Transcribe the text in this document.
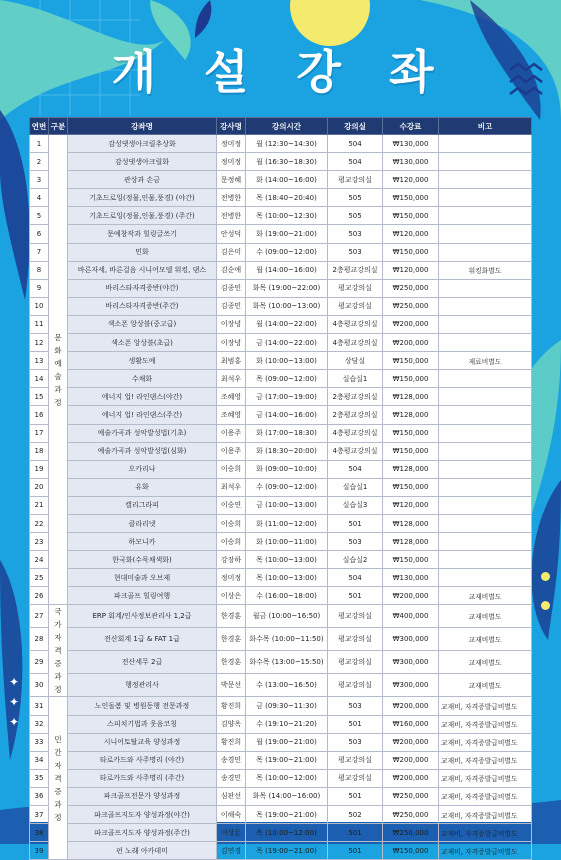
✦
✦
✦
개 설 강 좌
연번	구분	강좌명	강사명	강의시간	강의실	수강료	비고
1	문화예술과정	감성댓생아크릴추상화	정미정	월 (12:30~14:30)	504	₩130,000	
2		감성댓생아크릴화	정미정	월 (16:30~18:30)	504	₩130,000	
3		관상과 손금	문정혜	화 (14:00~16:00)	평교강의실	₩120,000	
4		기초드로잉(정물,인물,풍경) (야간)	전병한	목 (18:40~20:40)	505	₩150,000	
5		기초드로잉(정물,인물,풍경) (주간)	전병한	목 (10:00~12:30)	505	₩150,000	
6		문예창작과 힐링글쓰기	안성덕	화 (19:00~21:00)	503	₩120,000	
7		민화	김은미	수 (09:00~12:00)	503	₩150,000	
8		바른자세, 바른걸음 시니어모델 워킹, 댄스	김순애	월 (14:00~16:00)	2층평교강의실	₩120,000	워킹화별도
9		바리스타자격증반(야간)	김종민	화목 (19:00~22:00)	평교강의실	₩250,000	
10		바리스타자격증반(주간)	김종민	화목 (10:00~13:00)	평교강의실	₩250,000	
11		색소폰 앙상블(중고급)	이장녕	월 (14:00~22:00)	4층평교강의실	₩200,000	
12		색소폰 앙상블(초급)	이장녕	금 (14:00~22:00)	4층평교강의실	₩200,000	
13		생활도예	최범홍	화 (10:00~13:00)	상담실	₩150,000	재료비별도
14		수채화	최석우	목 (09:00~12:00)	실습실1	₩150,000	
15		에너지 업! 라인댄스(야간)	조혜영	금 (17:00~19:00)	2층평교강의실	₩128,000	
16		에너지 업! 라인댄스(주간)	조혜영	금 (14:00~16:00)	2층평교강의실	₩128,000	
17		예술가곡과 성악발성법(기초)	이용주	화 (17:00~18:30)	4층평교강의실	₩150,000	
18		예술가곡과 성악발성법(심화)	이용주	화 (18:30~20:00)	4층평교강의실	₩150,000	
19		오카리나	이승희	화 (09:00~10:00)	504	₩128,000	
20		유화	최석우	수 (09:00~12:00)	실습실1	₩150,000	
21		캘리그라피	이승연	금 (10:00~13:00)	실습실3	₩120,000	
22		클라리넷	이승희	화 (11:00~12:00)	501	₩128,000	
23		하모니카	이승희	화 (10:00~11:00)	503	₩128,000	
24		한국화(수묵채색화)	강장하	목 (10:00~13:00)	실습실2	₩150,000	
25		현대미술과 오브제	정미정	목 (10:00~13:00)	504	₩130,000	
26		파크골프 힐링여행	이상은	수 (16:00~18:00)	501	₩200,000	교재비별도
27	국가자격증과정	ERP 회계/인사정보관리사 1,2급	한경훈	월금 (10:00~16:50)	평교강의실	₩400,000	교재비별도
28		전산회계 1급 & FAT 1급	한경훈	화수목 (10:00~11:50)	평교강의실	₩300,000	교재비별도
29		전산세무 2급	한경훈	화수목 (13:00~15:50)	평교강의실	₩300,000	교재비별도
30		행정관리사	박문선	수 (13:00~16:50)	평교강의실	₩300,000	교재비별도
31	민간자격증과정	노인돌봄 및 병원동행 전문과정	황진희	금 (09:30~11:30)	503	₩200,000	교재비, 자격증발급비별도
32		스피치기법과 웃음코칭	김양옥	수 (19:10~21:20)	501	₩160,000	교재비, 자격증발급비별도
33		시니어토탈교육 양성과정	황진희	월 (19:00~21:00)	503	₩200,000	교재비, 자격증발급비별도
34		타로카드와 사주명리 (야간)	송경민	목 (19:00~21:00)	평교강의실	₩200,000	교재비, 자격증발급비별도
35		타로카드와 사주명리 (주간)	송경민	목 (10:00~12:00)	평교강의실	₩200,000	교재비, 자격증발급비별도
36		파크골프전문가 양성과정	심판선	화목 (14:00~16:00)	501	₩250,000	교재비, 자격증발급비별도
37		파크골프지도자 양성과정(야간)	이해숙	목 (19:00~21:00)	502	₩250,000	교재비, 자격증발급비별도
38		파크골프지도자 양성과정(주간)	이상돈	목 (10:00~12:00)	501	₩250,000	교재비, 자격증발급비별도
39		펀 노래 아카데미	김연경	목 (19:00~21:00)	501	₩150,000	교재비, 자격증발급비별도
